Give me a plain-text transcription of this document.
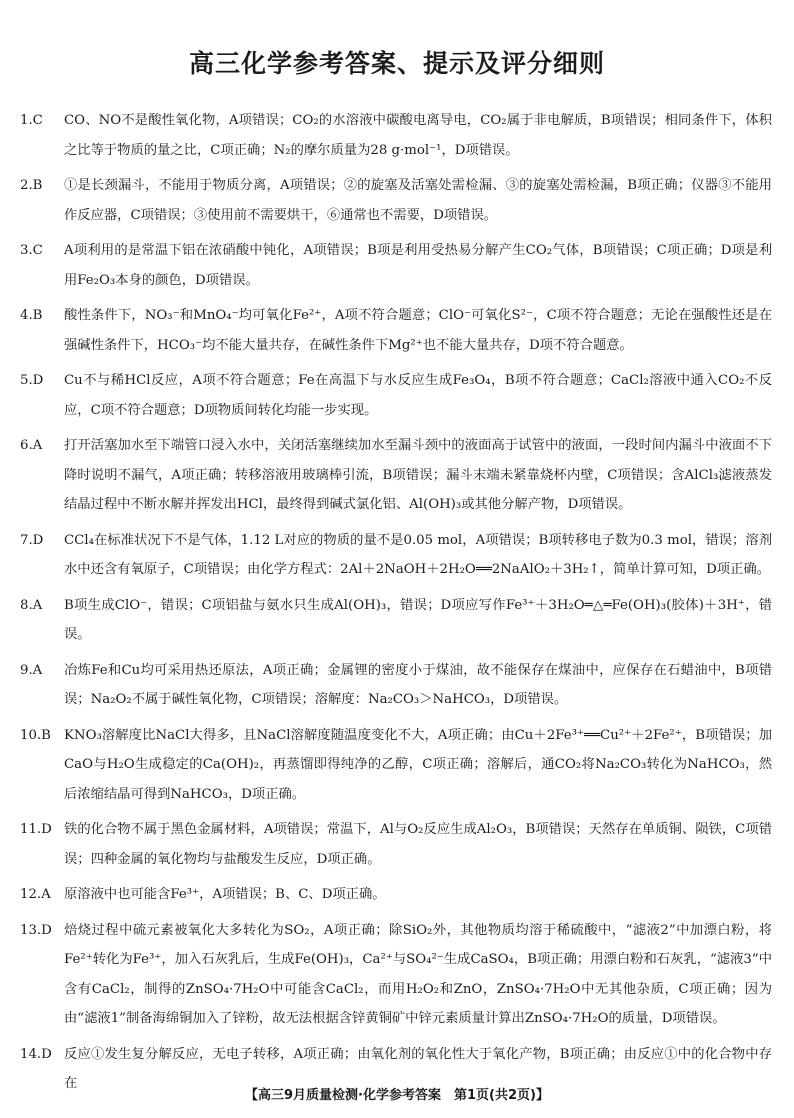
高三化学参考答案、提示及评分细则
1.C	CO、NO不是酸性氧化物，A项错误；CO₂的水溶液中碳酸电离导电，CO₂属于非电解质，B项错误；相同条件下，体积之比等于物质的量之比，C项正确；N₂的摩尔质量为28 g·mol⁻¹，D项错误。
2.B	①是长颈漏斗，不能用于物质分离，A项错误；②的旋塞及活塞处需检漏、③的旋塞处需检漏，B项正确；仪器③不能用作反应器，C项错误；③使用前不需要烘干，⑥通常也不需要，D项错误。
3.C	A项利用的是常温下铝在浓硝酸中钝化，A项错误；B项是利用受热易分解产生CO₂气体，B项错误；C项正确；D项是利用Fe₂O₃本身的颜色，D项错误。
4.B	酸性条件下，NO₃⁻和MnO₄⁻均可氧化Fe²⁺，A项不符合题意；ClO⁻可氧化S²⁻，C项不符合题意；无论在强酸性还是在强碱性条件下，HCO₃⁻均不能大量共存，在碱性条件下Mg²⁺也不能大量共存，D项不符合题意。
5.D	Cu不与稀HCl反应，A项不符合题意；Fe在高温下与水反应生成Fe₃O₄，B项不符合题意；CaCl₂溶液中通入CO₂不反应，C项不符合题意；D项物质间转化均能一步实现。
6.A	打开活塞加水至下端管口浸入水中，关闭活塞继续加水至漏斗颈中的液面高于试管中的液面，一段时间内漏斗中液面不下降时说明不漏气，A项正确；转移溶液用玻璃棒引流，B项错误；漏斗末端未紧靠烧杯内壁，C项错误；含AlCl₃滤液蒸发结晶过程中不断水解并挥发出HCl，最终得到碱式氯化铝、Al(OH)₃或其他分解产物，D项错误。
7.D	CCl₄在标准状况下不是气体，1.12 L对应的物质的量不是0.05 mol，A项错误；B项转移电子数为0.3 mol，错误；溶剂水中还含有氧原子，C项错误；由化学方程式：2Al＋2NaOH＋2H₂O══2NaAlO₂＋3H₂↑，简单计算可知，D项正确。
8.A	B项生成ClO⁻，错误；C项铝盐与氨水只生成Al(OH)₃，错误；D项应写作Fe³⁺＋3H₂O═△═Fe(OH)₃(胶体)＋3H⁺，错误。
9.A	冶炼Fe和Cu均可采用热还原法，A项正确；金属锂的密度小于煤油，故不能保存在煤油中，应保存在石蜡油中，B项错误；Na₂O₂不属于碱性氧化物，C项错误；溶解度：Na₂CO₃＞NaHCO₃，D项错误。
10.B KNO₃溶解度比NaCl大得多，且NaCl溶解度随温度变化不大，A项正确；由Cu＋2Fe³⁺══Cu²⁺＋2Fe²⁺，B项错误；加CaO与H₂O生成稳定的Ca(OH)₂，再蒸馏即得纯净的乙醇，C项正确；溶解后，通CO₂将Na₂CO₃转化为NaHCO₃，然后浓缩结晶可得到NaHCO₃，D项正确。
11.D 铁的化合物不属于黑色金属材料，A项错误；常温下，Al与O₂反应生成Al₂O₃，B项错误；天然存在单质铜、陨铁，C项错误；四种金属的氧化物均与盐酸发生反应，D项正确。
12.A 原溶液中也可能含Fe³⁺，A项错误；B、C、D项正确。
13.D 焙烧过程中硫元素被氧化大多转化为SO₂，A项正确；除SiO₂外，其他物质均溶于稀硫酸中，“滤液2”中加漂白粉，将Fe²⁺转化为Fe³⁺，加入石灰乳后，生成Fe(OH)₃，Ca²⁺与SO₄²⁻生成CaSO₄，B项正确；用漂白粉和石灰乳，“滤液3”中含有CaCl₂，制得的ZnSO₄·7H₂O中可能含CaCl₂，而用H₂O₂和ZnO，ZnSO₄·7H₂O中无其他杂质，C项正确；因为由“滤液1”制备海绵铜加入了锌粉，故无法根据含锌黄铜矿中锌元素质量计算出ZnSO₄·7H₂O的质量，D项错误。
14.D 反应①发生复分解反应，无电子转移，A项正确；由氧化剂的氧化性大于氧化产物，B项正确；由反应①中的化合物中存在
【高三9月质量检测·化学参考答案　第1页(共2页)】
